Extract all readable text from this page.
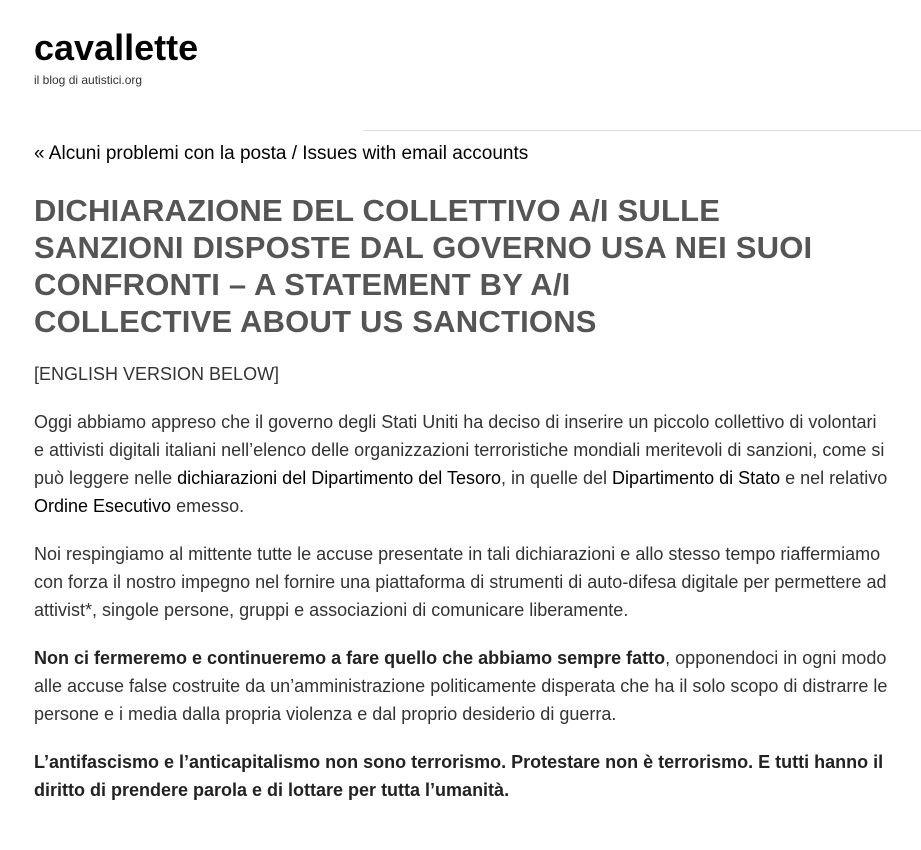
cavallette
il blog di autistici.org
« Alcuni problemi con la posta / Issues with email accounts
DICHIARAZIONE DEL COLLETTIVO A/I SULLE
SANZIONI DISPOSTE DAL GOVERNO USA NEI SUOI
CONFRONTI – A STATEMENT BY A/I
COLLECTIVE ABOUT US SANCTIONS

[ENGLISH VERSION BELOW]

Oggi abbiamo appreso che il governo degli Stati Uniti ha deciso di inserire un piccolo collettivo di volontari e attivisti digitali italiani nell’elenco delle organizzazioni terroristiche mondiali meritevoli di sanzioni, come si può leggere nelle dichiarazioni del Dipartimento del Tesoro, in quelle del Dipartimento di Stato e nel relativo Ordine Esecutivo emesso.

Noi respingiamo al mittente tutte le accuse presentate in tali dichiarazioni e allo stesso tempo riaffermiamo con forza il nostro impegno nel fornire una piattaforma di strumenti di auto-difesa digitale per permettere ad attivist*, singole persone, gruppi e associazioni di comunicare liberamente.

Non ci fermeremo e continueremo a fare quello che abbiamo sempre fatto, opponendoci in ogni modo alle accuse false costruite da un’amministrazione politicamente disperata che ha il solo scopo di distrarre le persone e i media dalla propria violenza e dal proprio desiderio di guerra.

L’antifascismo e l’anticapitalismo non sono terrorismo. Protestare non è terrorismo. E tutti hanno il diritto di prendere parola e di lottare per tutta l’umanità.
